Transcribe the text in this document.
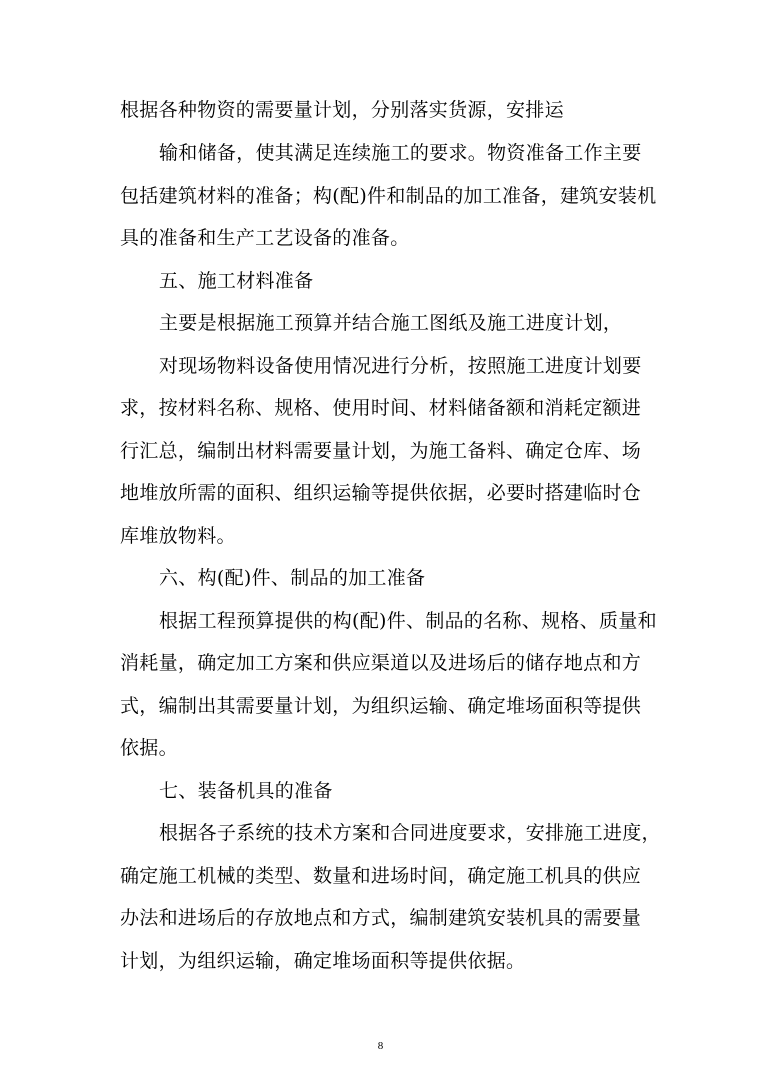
根据各种物资的需要量计划，分别落实货源，安排运
输和储备，使其满足连续施工的要求。物资准备工作主要
包括建筑材料的准备；构(配)件和制品的加工准备，建筑安装机
具的准备和生产工艺设备的准备。
五、施工材料准备
主要是根据施工预算并结合施工图纸及施工进度计划，
对现场物料设备使用情况进行分析，按照施工进度计划要
求，按材料名称、规格、使用时间、材料储备额和消耗定额进
行汇总，编制出材料需要量计划，为施工备料、确定仓库、场
地堆放所需的面积、组织运输等提供依据，必要时搭建临时仓
库堆放物料。
六、构(配)件、制品的加工准备
根据工程预算提供的构(配)件、制品的名称、规格、质量和
消耗量，确定加工方案和供应渠道以及进场后的储存地点和方
式，编制出其需要量计划，为组织运输、确定堆场面积等提供
依据。
七、装备机具的准备
根据各子系统的技术方案和合同进度要求，安排施工进度，
确定施工机械的类型、数量和进场时间，确定施工机具的供应
办法和进场后的存放地点和方式，编制建筑安装机具的需要量
计划，为组织运输，确定堆场面积等提供依据。
8
